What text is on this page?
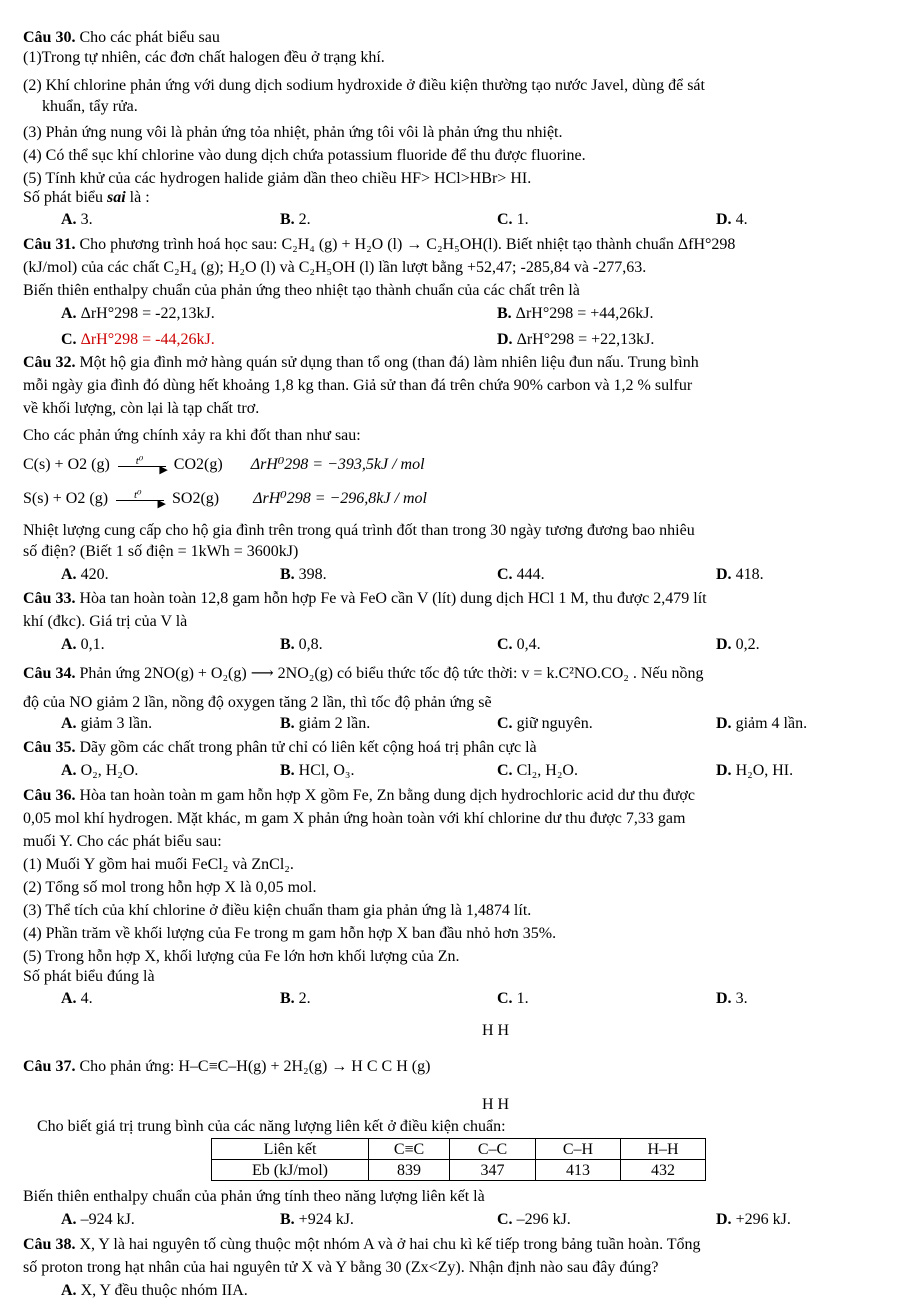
Câu 30. Cho các phát biểu sau
(1)Trong tự nhiên, các đơn chất halogen đều ở trạng khí.
(2) Khí chlorine phản ứng với dung dịch sodium hydroxide ở điều kiện thường tạo nước Javel, dùng để sát
khuẩn, tẩy rửa.
(3) Phản ứng nung vôi là phản ứng tỏa nhiệt, phản ứng tôi vôi là phản ứng thu nhiệt.
(4) Có thể sục khí chlorine vào dung dịch chứa potassium fluoride để thu được fluorine.
(5) Tính khử của các hydrogen halide giảm dần theo chiều HF> HCl>HBr> HI.
Số phát biểu sai là :
A. 3.	B. 2.	C. 1.	D. 4.
Câu 31. Cho phương trình hoá học sau: C₂H₄ (g) + H₂O (l) → C₂H₅OH(l). Biết nhiệt tạo thành chuẩn ΔfH°298
(kJ/mol) của các chất C₂H₄ (g); H₂O (l) và C₂H₅OH (l) lần lượt bằng +52,47; -285,84 và -277,63.
Biến thiên enthalpy chuẩn của phản ứng theo nhiệt tạo thành chuẩn của các chất trên là
A. ΔrH°298 = -22,13kJ.	B. ΔrH°298 = +44,26kJ.
C. ΔrH°298 = -44,26kJ.	D. ΔrH°298 = +22,13kJ.
Câu 32. Một hộ gia đình mở hàng quán sử dụng than tổ ong (than đá) làm nhiên liệu đun nấu. Trung bình
mỗi ngày gia đình đó dùng hết khoảng 1,8 kg than. Giả sử than đá trên chứa 90% carbon và 1,2 % sulfur
về khối lượng, còn lại là tạp chất trơ.
Cho các phản ứng chính xảy ra khi đốt than như sau:
C(s) + O2 (g) t⁰
▶ CO2(g) ΔrH⁰298 = −393,5kJ / mol
S(s) + O2 (g) t⁰
▶ SO2(g) ΔrH⁰298 = −296,8kJ / mol
Nhiệt lượng cung cấp cho hộ gia đình trên trong quá trình đốt than trong 30 ngày tương đương bao nhiêu
số điện? (Biết 1 số điện = 1kWh = 3600kJ)
A. 420.	B. 398.	C. 444.	D. 418.
Câu 33. Hòa tan hoàn toàn 12,8 gam hỗn hợp Fe và FeO cần V (lít) dung dịch HCl 1 M, thu được 2,479 lít
khí (đkc). Giá trị của V là
A. 0,1.	B. 0,8.	C. 0,4.	D. 0,2.
Câu 34. Phản ứng 2NO(g) + O₂(g) ⟶ 2NO₂(g) có biểu thức tốc độ tức thời: v = k.C²NO.CO₂ . Nếu nồng
độ của NO giảm 2 lần, nồng độ oxygen tăng 2 lần, thì tốc độ phản ứng sẽ
A. giảm 3 lần.	B. giảm 2 lần.	C. giữ nguyên.	D. giảm 4 lần.
Câu 35. Dãy gồm các chất trong phân tử chỉ có liên kết cộng hoá trị phân cực là
A. O₂, H₂O.	B. HCl, O₃.	C. Cl₂, H₂O.	D. H₂O, HI.
Câu 36. Hòa tan hoàn toàn m gam hỗn hợp X gồm Fe, Zn bằng dung dịch hydrochloric acid dư thu được
0,05 mol khí hydrogen. Mặt khác, m gam X phản ứng hoàn toàn với khí chlorine dư thu được 7,33 gam
muối Y. Cho các phát biểu sau:
(1) Muối Y gồm hai muối FeCl₂ và ZnCl₂.
(2) Tổng số mol trong hỗn hợp X là 0,05 mol.
(3) Thể tích của khí chlorine ở điều kiện chuẩn tham gia phản ứng là 1,4874 lít.
(4) Phần trăm về khối lượng của Fe trong m gam hỗn hợp X ban đầu nhỏ hơn 35%.
(5) Trong hỗn hợp X, khối lượng của Fe lớn hơn khối lượng của Zn.
Số phát biểu đúng là
A. 4.	B. 2.	C. 1.	D. 3.
H H
Câu 37. Cho phản ứng: H–C≡C–H(g) + 2H₂(g) → H C C H (g)
H H
Cho biết giá trị trung bình của các năng lượng liên kết ở điều kiện chuẩn:
Liên kết	C≡C	C–C	C–H	H–H
Eb (kJ/mol)	839	347	413	432
Biến thiên enthalpy chuẩn của phản ứng tính theo năng lượng liên kết là
A. –924 kJ.	B. +924 kJ.	C. –296 kJ.	D. +296 kJ.
Câu 38. X, Y là hai nguyên tố cùng thuộc một nhóm A và ở hai chu kì kế tiếp trong bảng tuần hoàn. Tổng
số proton trong hạt nhân của hai nguyên tử X và Y bằng 30 (Zx<Zy). Nhận định nào sau đây đúng?
A. X, Y đều thuộc nhóm IIA.
